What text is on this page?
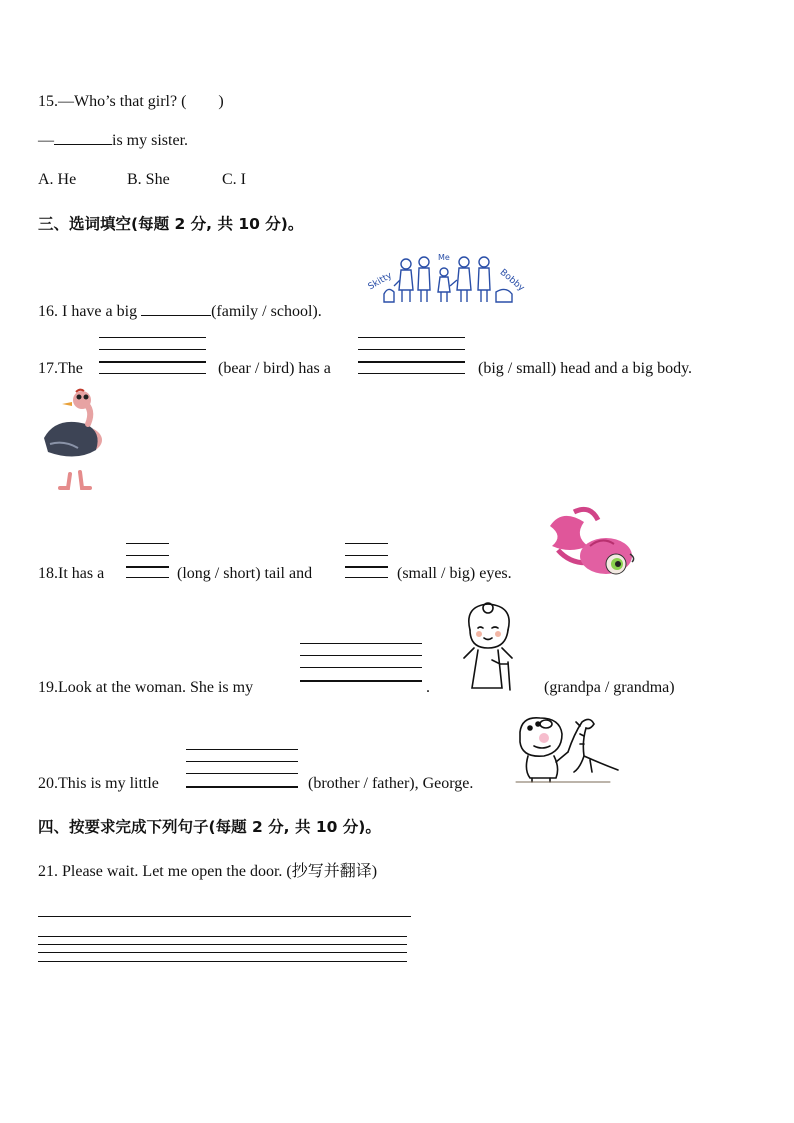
15.—Who’s that girl? (　　)
—	is my sister.
A. He	B. She	C. I
三、选词填空(每题 2 分, 共 10 分)。
16. I have a big	(family / school).
Skitty
Me
Bobby
17.The	(bear / bird) has a	(big / small) head and a big body.
18.It has a	(long / short) tail and	(small / big) eyes.
19.Look at the woman. She is my	.	(grandpa / grandma)
20.This is my little	(brother / father), George.
四、按要求完成下列句子(每题 2 分, 共 10 分)。
21. Please wait. Let me open the door. (抄写并翻译)
